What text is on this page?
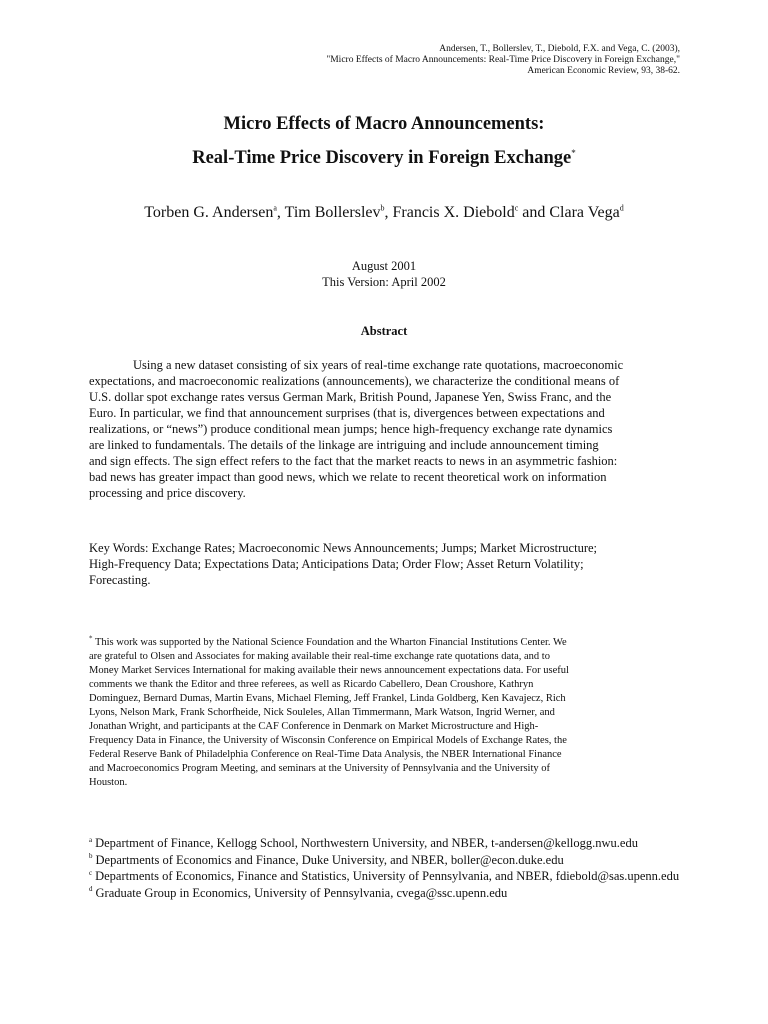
Andersen, T., Bollerslev, T., Diebold, F.X. and Vega, C. (2003),
"Micro Effects of Macro Announcements: Real-Time Price Discovery in Foreign Exchange,"
American Economic Review, 93, 38-62.
Micro Effects of Macro Announcements:
Real-Time Price Discovery in Foreign Exchange*
Torben G. Andersen$^a$, Tim Bollerslev$^b$, Francis X. Diebold$^c$ and Clara Vega$^d$
August 2001
This Version: April 2002
Abstract
Using a new dataset consisting of six years of real-time exchange rate quotations, macroeconomic
expectations, and macroeconomic realizations (announcements), we characterize the conditional means of
U.S. dollar spot exchange rates versus German Mark, British Pound, Japanese Yen, Swiss Franc, and the
Euro. In particular, we find that announcement surprises (that is, divergences between expectations and
realizations, or “news”) produce conditional mean jumps; hence high-frequency exchange rate dynamics
are linked to fundamentals. The details of the linkage are intriguing and include announcement timing
and sign effects. The sign effect refers to the fact that the market reacts to news in an asymmetric fashion:
bad news has greater impact than good news, which we relate to recent theoretical work on information
processing and price discovery.
Key Words: Exchange Rates; Macroeconomic News Announcements; Jumps; Market Microstructure;
High-Frequency Data; Expectations Data; Anticipations Data; Order Flow; Asset Return Volatility;
Forecasting.
* This work was supported by the National Science Foundation and the Wharton Financial Institutions Center. We
are grateful to Olsen and Associates for making available their real-time exchange rate quotations data, and to
Money Market Services International for making available their news announcement expectations data. For useful
comments we thank the Editor and three referees, as well as Ricardo Cabellero, Dean Croushore, Kathryn
Dominguez, Bernard Dumas, Martin Evans, Michael Fleming, Jeff Frankel, Linda Goldberg, Ken Kavajecz, Rich
Lyons, Nelson Mark, Frank Schorfheide, Nick Souleles, Allan Timmermann, Mark Watson, Ingrid Werner, and
Jonathan Wright, and participants at the CAF Conference in Denmark on Market Microstructure and High-
Frequency Data in Finance, the University of Wisconsin Conference on Empirical Models of Exchange Rates, the
Federal Reserve Bank of Philadelphia Conference on Real-Time Data Analysis, the NBER International Finance
and Macroeconomics Program Meeting, and seminars at the University of Pennsylvania and the University of
Houston.
$^a$ Department of Finance, Kellogg School, Northwestern University, and NBER, t-andersen@kellogg.nwu.edu
$^b$ Departments of Economics and Finance, Duke University, and NBER, boller@econ.duke.edu
$^c$ Departments of Economics, Finance and Statistics, University of Pennsylvania, and NBER, fdiebold@sas.upenn.edu
$^d$ Graduate Group in Economics, University of Pennsylvania, cvega@ssc.upenn.edu
